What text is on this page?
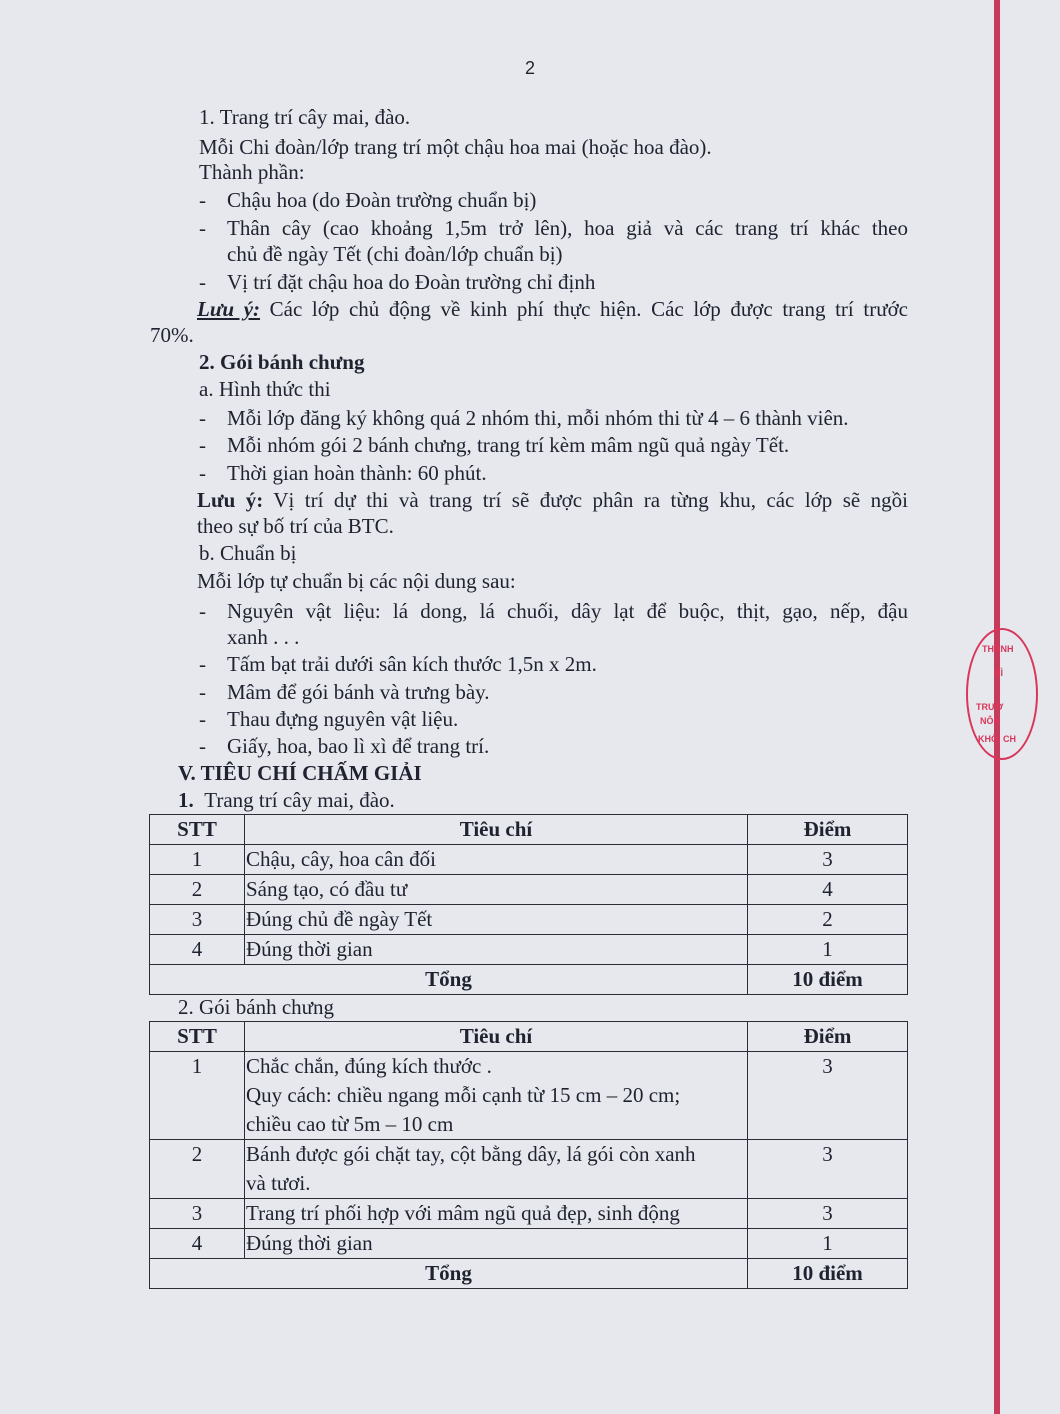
THÀNH
BÌ
TRƯỜ
NÔN
KHỐI CH
2
1. Trang trí cây mai, đào.
Mỗi Chi đoàn/lớp trang trí một chậu hoa mai (hoặc hoa đào).
Thành phần:
- Chậu hoa (do Đoàn trường chuẩn bị)
- Thân cây (cao khoảng 1,5m trở lên), hoa giả và các trang trí khác theo
chủ đề ngày Tết (chi đoàn/lớp chuẩn bị)
- Vị trí đặt chậu hoa do Đoàn trường chỉ định
Lưu ý: Các lớp chủ động về kinh phí thực hiện. Các lớp được trang trí trước
70%.
2. Gói bánh chưng
a. Hình thức thi
- Mỗi lớp đăng ký không quá 2 nhóm thi, mỗi nhóm thi từ 4 – 6 thành viên.
- Mỗi nhóm gói 2 bánh chưng, trang trí kèm mâm ngũ quả ngày Tết.
- Thời gian hoàn thành: 60 phút.
Lưu ý: Vị trí dự thi và trang trí sẽ được phân ra từng khu, các lớp sẽ ngồi
theo sự bố trí của BTC.
b. Chuẩn bị
Mỗi lớp tự chuẩn bị các nội dung sau:
- Nguyên vật liệu: lá dong, lá chuối, dây lạt để buộc, thịt, gạo, nếp, đậu
xanh . . .
- Tấm bạt trải dưới sân kích thước 1,5n x 2m.
- Mâm để gói bánh và trưng bày.
- Thau đựng nguyên vật liệu.
- Giấy, hoa, bao lì xì để trang trí.
V. TIÊU CHÍ CHẤM GIẢI
1. Trang trí cây mai, đào.
STT	Tiêu chí	Điểm
1	Chậu, cây, hoa cân đối	3
2	Sáng tạo, có đầu tư	4
3	Đúng chủ đề ngày Tết	2
4	Đúng thời gian	1
Tổng		10 điểm
2. Gói bánh chưng
STT	Tiêu chí	Điểm
1	Chắc chắn, đúng kích thước .
Quy cách: chiều ngang mỗi cạnh từ 15 cm – 20 cm;
chiều cao từ 5m – 10 cm	3
2	Bánh được gói chặt tay, cột bằng dây, lá gói còn xanh
và tươi.	3
3	Trang trí phối hợp với mâm ngũ quả đẹp, sinh động	3
4	Đúng thời gian	1
Tổng		10 điểm
